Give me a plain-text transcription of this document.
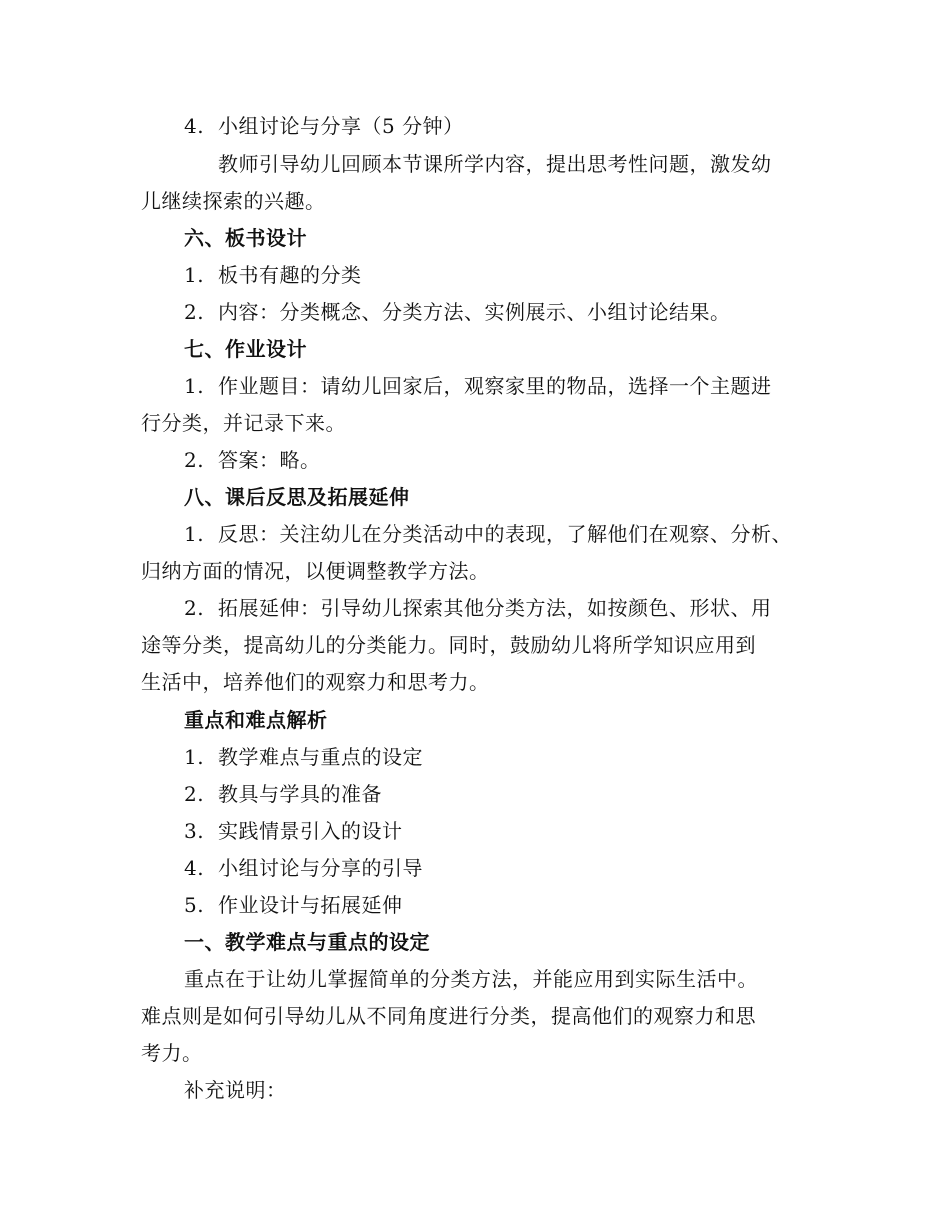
4. 小组讨论与分享（5 分钟）
教师引导幼儿回顾本节课所学内容，提出思考性问题，激发幼
儿继续探索的兴趣。
六、板书设计
1. 板书有趣的分类
2. 内容：分类概念、分类方法、实例展示、小组讨论结果。
七、作业设计
1. 作业题目：请幼儿回家后，观察家里的物品，选择一个主题进
行分类，并记录下来。
2. 答案：略。
八、课后反思及拓展延伸
1. 反思：关注幼儿在分类活动中的表现，了解他们在观察、分析、
归纳方面的情况，以便调整教学方法。
2. 拓展延伸：引导幼儿探索其他分类方法，如按颜色、形状、用
途等分类，提高幼儿的分类能力。同时，鼓励幼儿将所学知识应用到
生活中，培养他们的观察力和思考力。
重点和难点解析
1. 教学难点与重点的设定
2. 教具与学具的准备
3. 实践情景引入的设计
4. 小组讨论与分享的引导
5. 作业设计与拓展延伸
一、教学难点与重点的设定
重点在于让幼儿掌握简单的分类方法，并能应用到实际生活中。
难点则是如何引导幼儿从不同角度进行分类，提高他们的观察力和思
考力。
补充说明：
